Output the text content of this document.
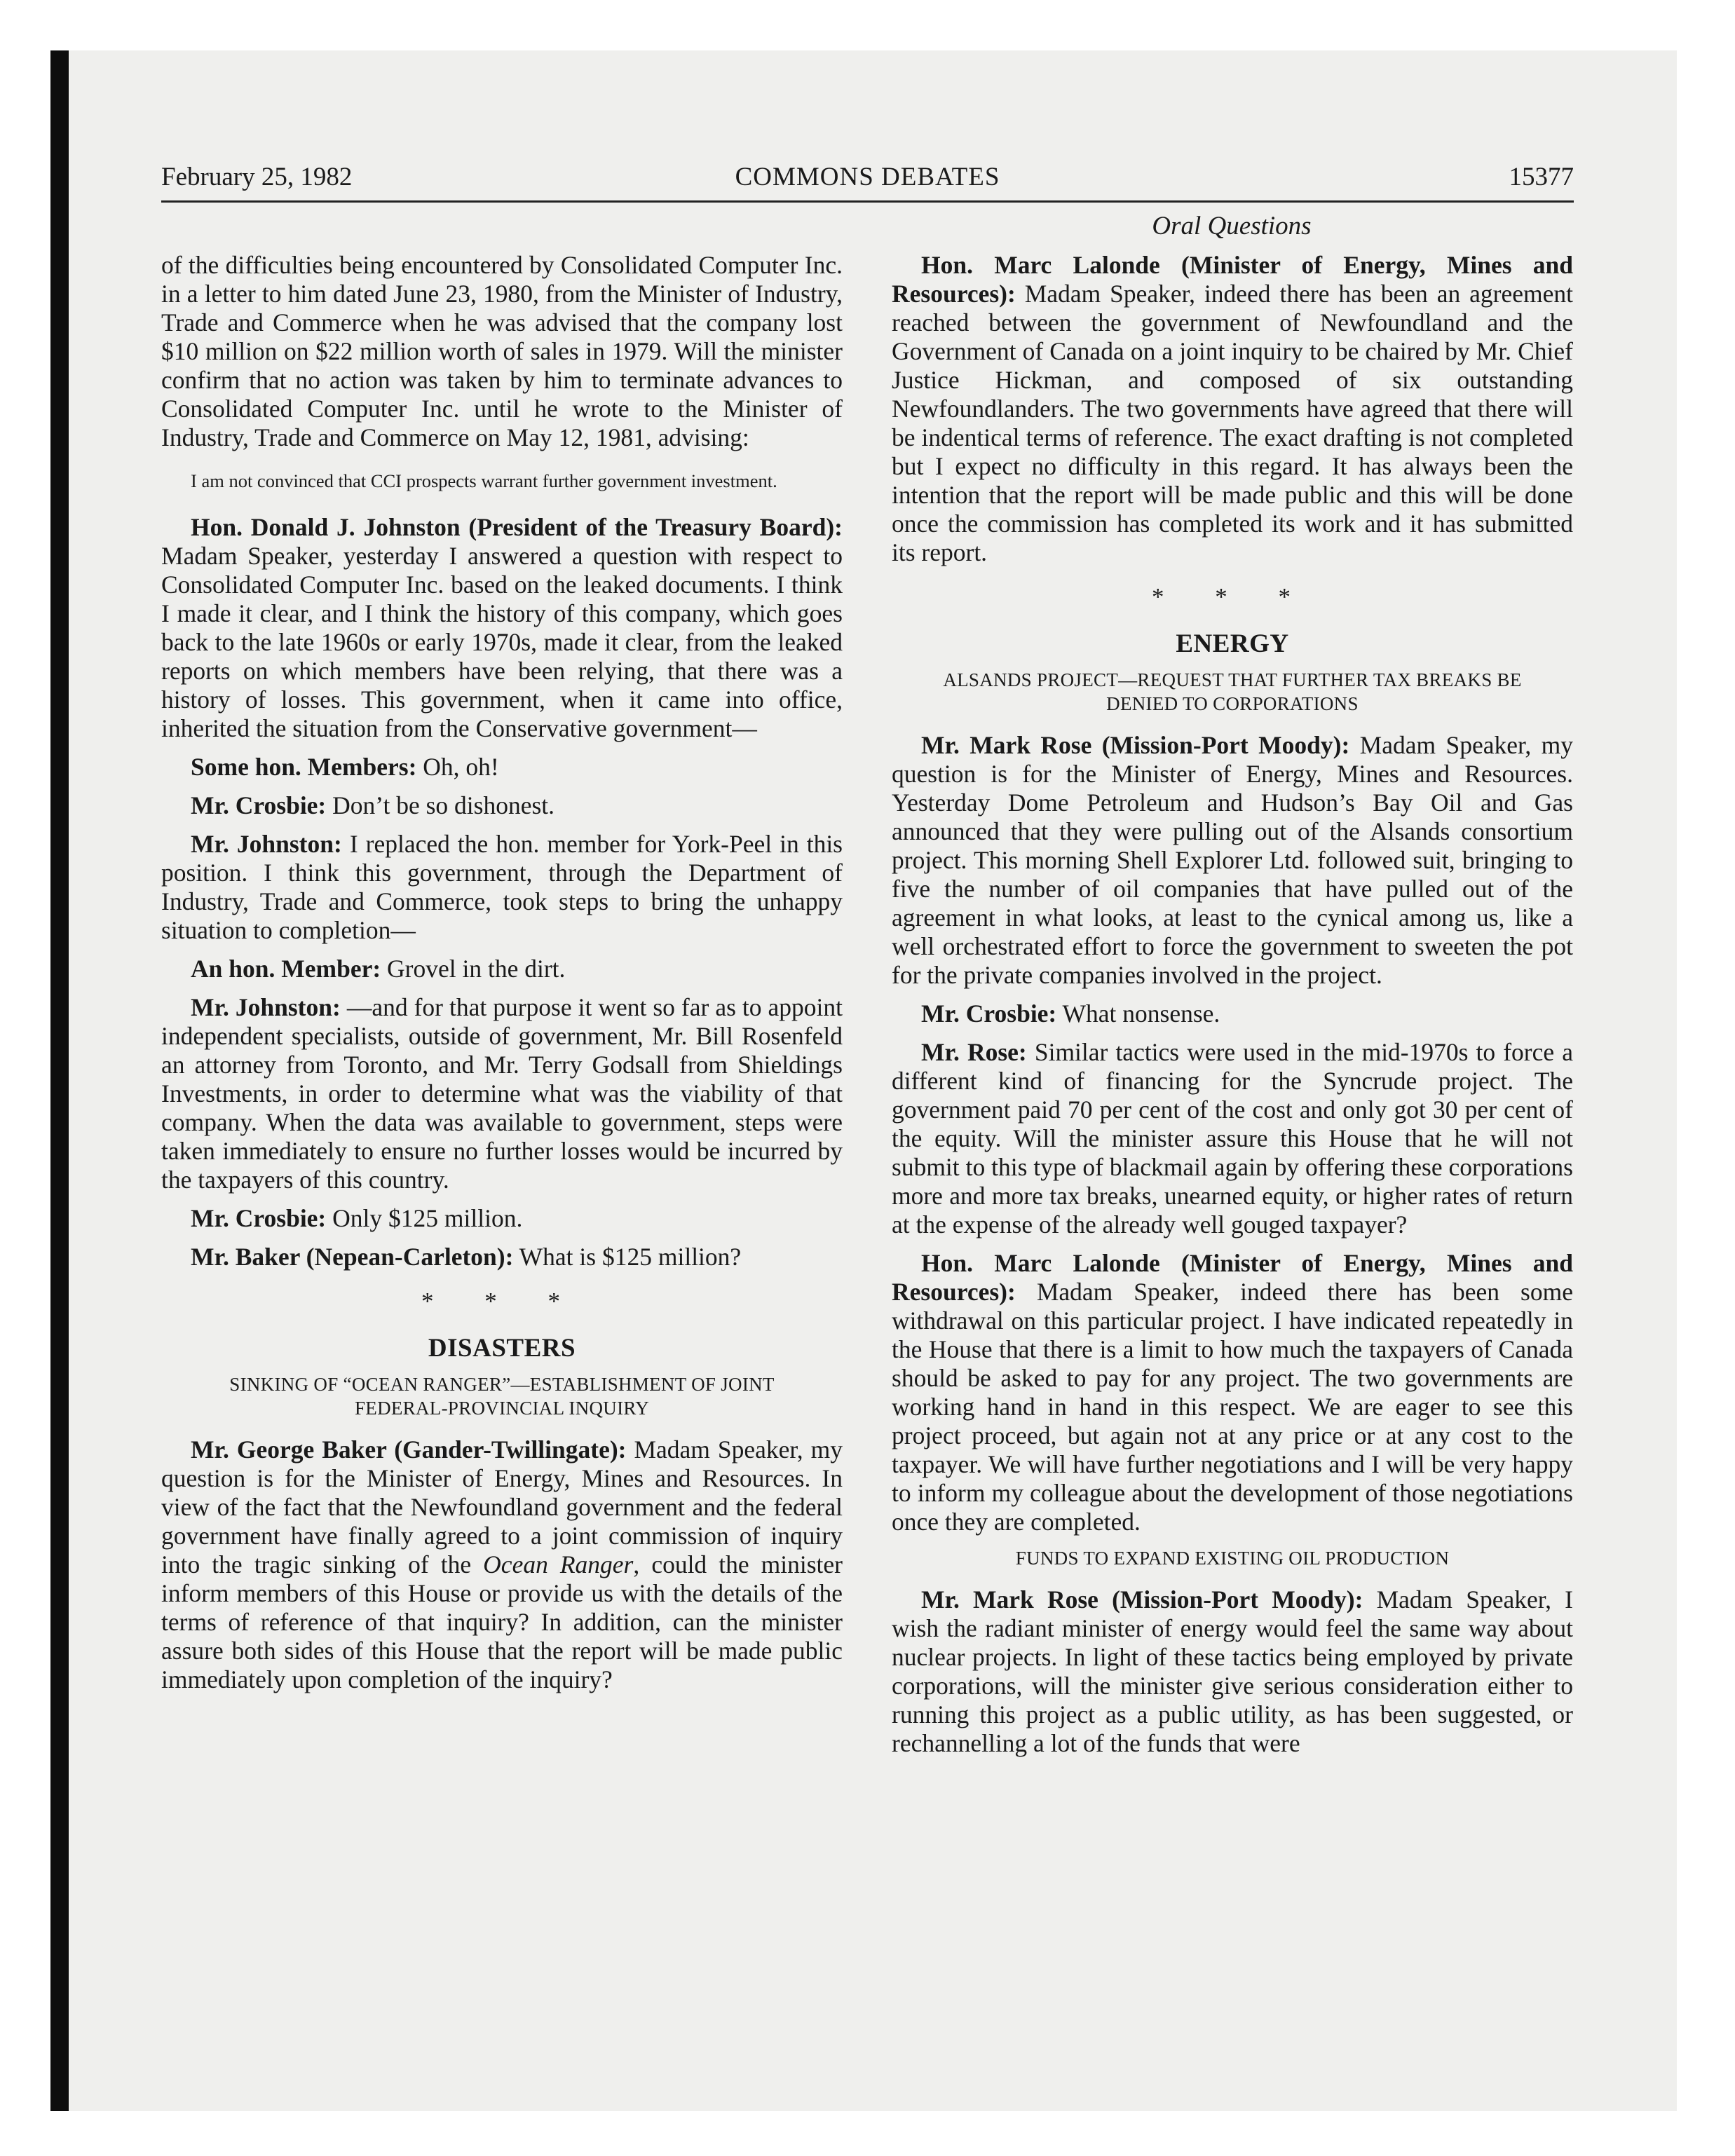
February 25, 1982	COMMONS DEBATES	15377
Oral Questions

of the difficulties being encountered by Consolidated Computer Inc. in a letter to him dated June 23, 1980, from the Minister of Industry, Trade and Commerce when he was advised that the company lost $10 million on $22 million worth of sales in 1979. Will the minister confirm that no action was taken by him to terminate advances to Consolidated Computer Inc. until he wrote to the Minister of Industry, Trade and Commerce on May 12, 1981, advising:

I am not convinced that CCI prospects warrant further government investment.

Hon. Donald J. Johnston (President of the Treasury Board): Madam Speaker, yesterday I answered a question with respect to Consolidated Computer Inc. based on the leaked documents. I think I made it clear, and I think the history of this company, which goes back to the late 1960s or early 1970s, made it clear, from the leaked reports on which members have been relying, that there was a history of losses. This government, when it came into office, inherited the situation from the Conservative government—

Some hon. Members: Oh, oh!

Mr. Crosbie: Don’t be so dishonest.

Mr. Johnston: I replaced the hon. member for York-Peel in this position. I think this government, through the Department of Industry, Trade and Commerce, took steps to bring the unhappy situation to completion—

An hon. Member: Grovel in the dirt.

Mr. Johnston: —and for that purpose it went so far as to appoint independent specialists, outside of government, Mr. Bill Rosenfeld an attorney from Toronto, and Mr. Terry Godsall from Shieldings Investments, in order to determine what was the viability of that company. When the data was available to government, steps were taken immediately to ensure no further losses would be incurred by the taxpayers of this country.

Mr. Crosbie: Only $125 million.

Mr. Baker (Nepean-Carleton): What is $125 million?

* * *

DISASTERS

SINKING OF “OCEAN RANGER”—ESTABLISHMENT OF JOINT FEDERAL-PROVINCIAL INQUIRY

Mr. George Baker (Gander-Twillingate): Madam Speaker, my question is for the Minister of Energy, Mines and Resources. In view of the fact that the Newfoundland government and the federal government have finally agreed to a joint commission of inquiry into the tragic sinking of the Ocean Ranger, could the minister inform members of this House or provide us with the details of the terms of reference of that inquiry? In addition, can the minister assure both sides of this House that the report will be made public immediately upon completion of the inquiry?

Hon. Marc Lalonde (Minister of Energy, Mines and Resources): Madam Speaker, indeed there has been an agreement reached between the government of Newfoundland and the Government of Canada on a joint inquiry to be chaired by Mr. Chief Justice Hickman, and composed of six outstanding Newfoundlanders. The two governments have agreed that there will be indentical terms of reference. The exact drafting is not completed but I expect no difficulty in this regard. It has always been the intention that the report will be made public and this will be done once the commission has completed its work and it has submitted its report.

* * *

ENERGY

ALSANDS PROJECT—REQUEST THAT FURTHER TAX BREAKS BE DENIED TO CORPORATIONS

Mr. Mark Rose (Mission-Port Moody): Madam Speaker, my question is for the Minister of Energy, Mines and Resources. Yesterday Dome Petroleum and Hudson’s Bay Oil and Gas announced that they were pulling out of the Alsands consortium project. This morning Shell Explorer Ltd. followed suit, bringing to five the number of oil companies that have pulled out of the agreement in what looks, at least to the cynical among us, like a well orchestrated effort to force the government to sweeten the pot for the private companies involved in the project.

Mr. Crosbie: What nonsense.

Mr. Rose: Similar tactics were used in the mid-1970s to force a different kind of financing for the Syncrude project. The government paid 70 per cent of the cost and only got 30 per cent of the equity. Will the minister assure this House that he will not submit to this type of blackmail again by offering these corporations more and more tax breaks, unearned equity, or higher rates of return at the expense of the already well gouged taxpayer?

Hon. Marc Lalonde (Minister of Energy, Mines and Resources): Madam Speaker, indeed there has been some withdrawal on this particular project. I have indicated repeatedly in the House that there is a limit to how much the taxpayers of Canada should be asked to pay for any project. The two governments are working hand in hand in this respect. We are eager to see this project proceed, but again not at any price or at any cost to the taxpayer. We will have further negotiations and I will be very happy to inform my colleague about the development of those negotiations once they are completed.

FUNDS TO EXPAND EXISTING OIL PRODUCTION

Mr. Mark Rose (Mission-Port Moody): Madam Speaker, I wish the radiant minister of energy would feel the same way about nuclear projects. In light of these tactics being employed by private corporations, will the minister give serious consideration either to running this project as a public utility, as has been suggested, or rechannelling a lot of the funds that were
